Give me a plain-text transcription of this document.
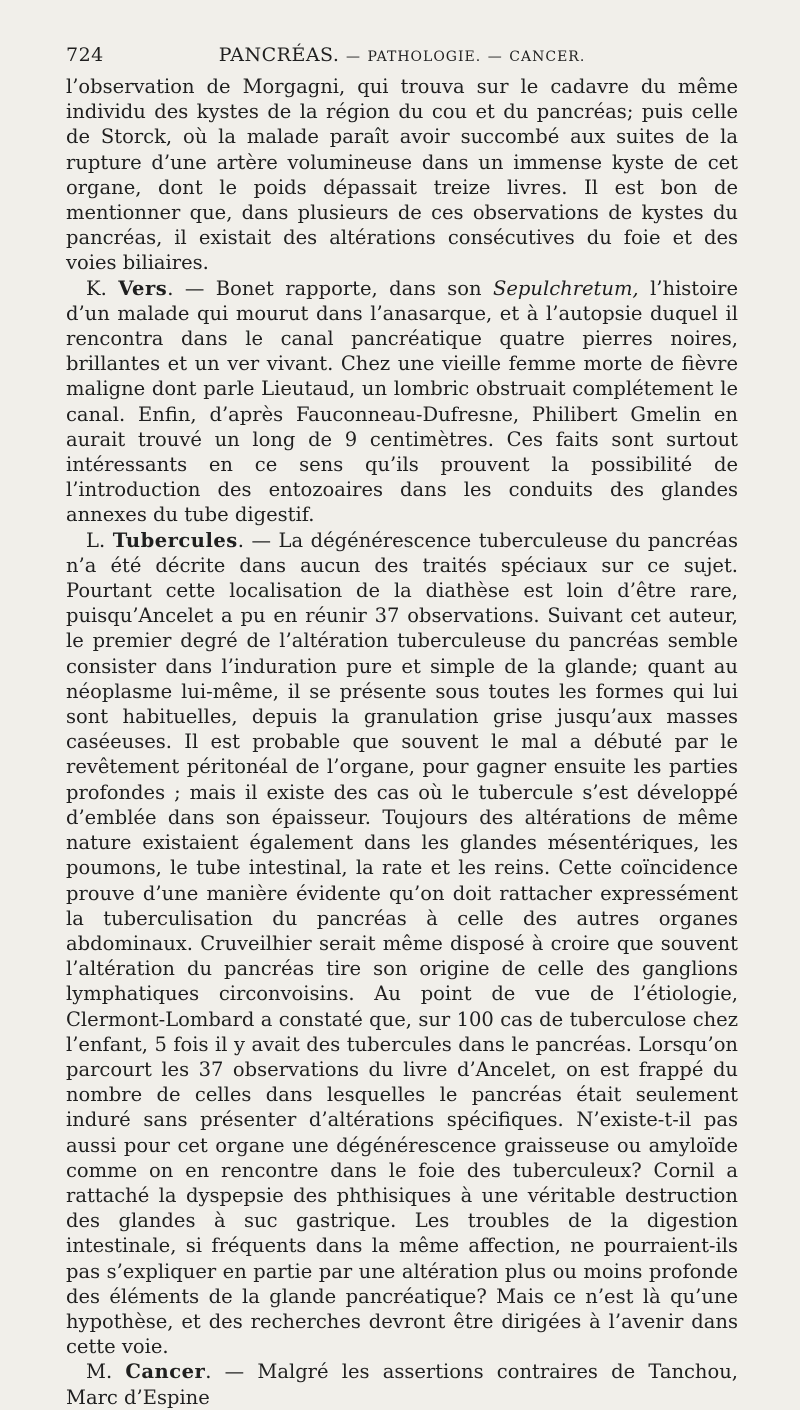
724	PANCRÉAS. — PATHOLOGIE. — CANCER.

l’observation de Morgagni, qui trouva sur le cadavre du même individu des kystes de la région du cou et du pancréas; puis celle de Storck, où la malade paraît avoir succombé aux suites de la rupture d’une artère volumineuse dans un immense kyste de cet organe, dont le poids dépassait treize livres. Il est bon de mentionner que, dans plusieurs de ces observations de kystes du pancréas, il existait des altérations consécutives du foie et des voies biliaires.

K. Vers. — Bonet rapporte, dans son Sepulchretum, l’histoire d’un malade qui mourut dans l’anasarque, et à l’autopsie duquel il rencontra dans le canal pancréatique quatre pierres noires, brillantes et un ver vivant. Chez une vieille femme morte de fièvre maligne dont parle Lieutaud, un lombric obstruait complétement le canal. Enfin, d’après Fauconneau-Dufresne, Philibert Gmelin en aurait trouvé un long de 9 centimètres. Ces faits sont surtout intéressants en ce sens qu’ils prouvent la possibilité de l’introduction des entozoaires dans les conduits des glandes annexes du tube digestif.

L. Tubercules. — La dégénérescence tuberculeuse du pancréas n’a été décrite dans aucun des traités spéciaux sur ce sujet. Pourtant cette localisation de la diathèse est loin d’être rare, puisqu’Ancelet a pu en réunir 37 observations. Suivant cet auteur, le premier degré de l’altération tuberculeuse du pancréas semble consister dans l’induration pure et simple de la glande; quant au néoplasme lui-même, il se présente sous toutes les formes qui lui sont habituelles, depuis la granulation grise jusqu’aux masses caséeuses. Il est probable que souvent le mal a débuté par le revêtement péritonéal de l’organe, pour gagner ensuite les parties profondes ; mais il existe des cas où le tubercule s’est développé d’emblée dans son épaisseur. Toujours des altérations de même nature existaient également dans les glandes mésentériques, les poumons, le tube intestinal, la rate et les reins. Cette coïncidence prouve d’une manière évidente qu’on doit rattacher expressément la tuberculisation du pancréas à celle des autres organes abdominaux. Cruveilhier serait même disposé à croire que souvent l’altération du pancréas tire son origine de celle des ganglions lymphatiques circonvoisins. Au point de vue de l’étiologie, Clermont-Lombard a constaté que, sur 100 cas de tuberculose chez l’enfant, 5 fois il y avait des tubercules dans le pancréas. Lorsqu’on parcourt les 37 observations du livre d’Ancelet, on est frappé du nombre de celles dans lesquelles le pancréas était seulement induré sans présenter d’altérations spécifiques. N’existe-t-il pas aussi pour cet organe une dégénérescence graisseuse ou amyloïde comme on en rencontre dans le foie des tuberculeux? Cornil a rattaché la dyspepsie des phthisiques à une véritable destruction des glandes à suc gastrique. Les troubles de la digestion intestinale, si fréquents dans la même affection, ne pourraient-ils pas s’expliquer en partie par une altération plus ou moins profonde des éléments de la glande pancréatique? Mais ce n’est là qu’une hypothèse, et des recherches devront être dirigées à l’avenir dans cette voie.

M. Cancer. — Malgré les assertions contraires de Tanchou, Marc d’Espine
